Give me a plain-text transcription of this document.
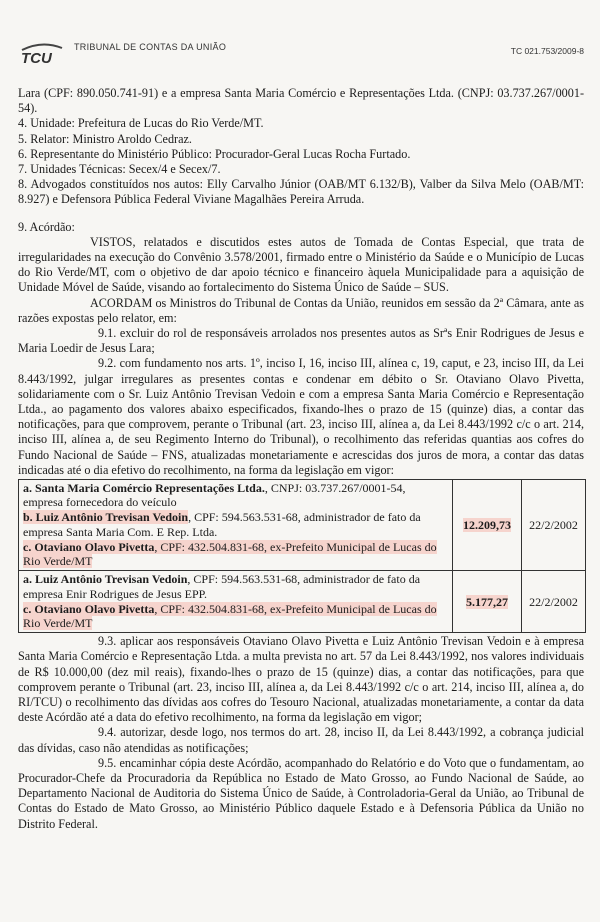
TCU
TRIBUNAL DE CONTAS DA UNIÃO	TC 021.753/2009-8

Lara (CPF: 890.050.741-91) e a empresa Santa Maria Comércio e Representações Ltda. (CNPJ: 03.737.267/0001-54).

4. Unidade: Prefeitura de Lucas do Rio Verde/MT.

5. Relator: Ministro Aroldo Cedraz.

6. Representante do Ministério Público: Procurador-Geral Lucas Rocha Furtado.

7. Unidades Técnicas: Secex/4 e Secex/7.

8. Advogados constituídos nos autos: Elly Carvalho Júnior (OAB/MT 6.132/B), Valber da Silva Melo (OAB/MT: 8.927) e Defensora Pública Federal Viviane Magalhães Pereira Arruda.

9. Acórdão:

VISTOS, relatados e discutidos estes autos de Tomada de Contas Especial, que trata de irregularidades na execução do Convênio 3.578/2001, firmado entre o Ministério da Saúde e o Município de Lucas do Rio Verde/MT, com o objetivo de dar apoio técnico e financeiro àquela Municipalidade para a aquisição de Unidade Móvel de Saúde, visando ao fortalecimento do Sistema Único de Saúde – SUS.

ACORDAM os Ministros do Tribunal de Contas da União, reunidos em sessão da 2ª Câmara, ante as razões expostas pelo relator, em:

9.1. excluir do rol de responsáveis arrolados nos presentes autos as Srªs Enir Rodrigues de Jesus e Maria Loedir de Jesus Lara;

9.2. com fundamento nos arts. 1º, inciso I, 16, inciso III, alínea c, 19, caput, e 23, inciso III, da Lei 8.443/1992, julgar irregulares as presentes contas e condenar em débito o Sr. Otaviano Olavo Pivetta, solidariamente com o Sr. Luiz Antônio Trevisan Vedoin e com a empresa Santa Maria Comércio e Representação Ltda., ao pagamento dos valores abaixo especificados, fixando-lhes o prazo de 15 (quinze) dias, a contar das notificações, para que comprovem, perante o Tribunal (art. 23, inciso III, alínea a, da Lei 8.443/1992 c/c o art. 214, inciso III, alínea a, de seu Regimento Interno do Tribunal), o recolhimento das referidas quantias aos cofres do Fundo Nacional de Saúde – FNS, atualizadas monetariamente e acrescidas dos juros de mora, a contar das datas indicadas até o dia efetivo do recolhimento, na forma da legislação em vigor:

a. Santa Maria Comércio Representações Ltda., CNPJ: 03.737.267/0001-54, empresa fornecedora do veículo
b. Luiz Antônio Trevisan Vedoin, CPF: 594.563.531-68, administrador de fato da empresa Santa Maria Com. E Rep. Ltda.
c. Otaviano Olavo Pivetta, CPF: 432.504.831-68, ex-Prefeito Municipal de Lucas do Rio Verde/MT	12.209,73	22/2/2002

a. Luiz Antônio Trevisan Vedoin, CPF: 594.563.531-68, administrador de fato da empresa Enir Rodrigues de Jesus EPP.
c. Otaviano Olavo Pivetta, CPF: 432.504.831-68, ex-Prefeito Municipal de Lucas do Rio Verde/MT	5.177,27	22/2/2002

9.3. aplicar aos responsáveis Otaviano Olavo Pivetta e Luiz Antônio Trevisan Vedoin e à empresa Santa Maria Comércio e Representação Ltda. a multa prevista no art. 57 da Lei 8.443/1992, nos valores individuais de R$ 10.000,00 (dez mil reais), fixando-lhes o prazo de 15 (quinze) dias, a contar das notificações, para que comprovem perante o Tribunal (art. 23, inciso III, alínea a, da Lei 8.443/1992 c/c o art. 214, inciso III, alínea a, do RI/TCU) o recolhimento das dívidas aos cofres do Tesouro Nacional, atualizadas monetariamente, a contar da data deste Acórdão até a data do efetivo recolhimento, na forma da legislação em vigor;

9.4. autorizar, desde logo, nos termos do art. 28, inciso II, da Lei 8.443/1992, a cobrança judicial das dívidas, caso não atendidas as notificações;

9.5. encaminhar cópia deste Acórdão, acompanhado do Relatório e do Voto que o fundamentam, ao Procurador-Chefe da Procuradoria da República no Estado de Mato Grosso, ao Fundo Nacional de Saúde, ao Departamento Nacional de Auditoria do Sistema Único de Saúde, à Controladoria-Geral da União, ao Tribunal de Contas do Estado de Mato Grosso, ao Ministério Público daquele Estado e à Defensoria Pública da União no Distrito Federal.
